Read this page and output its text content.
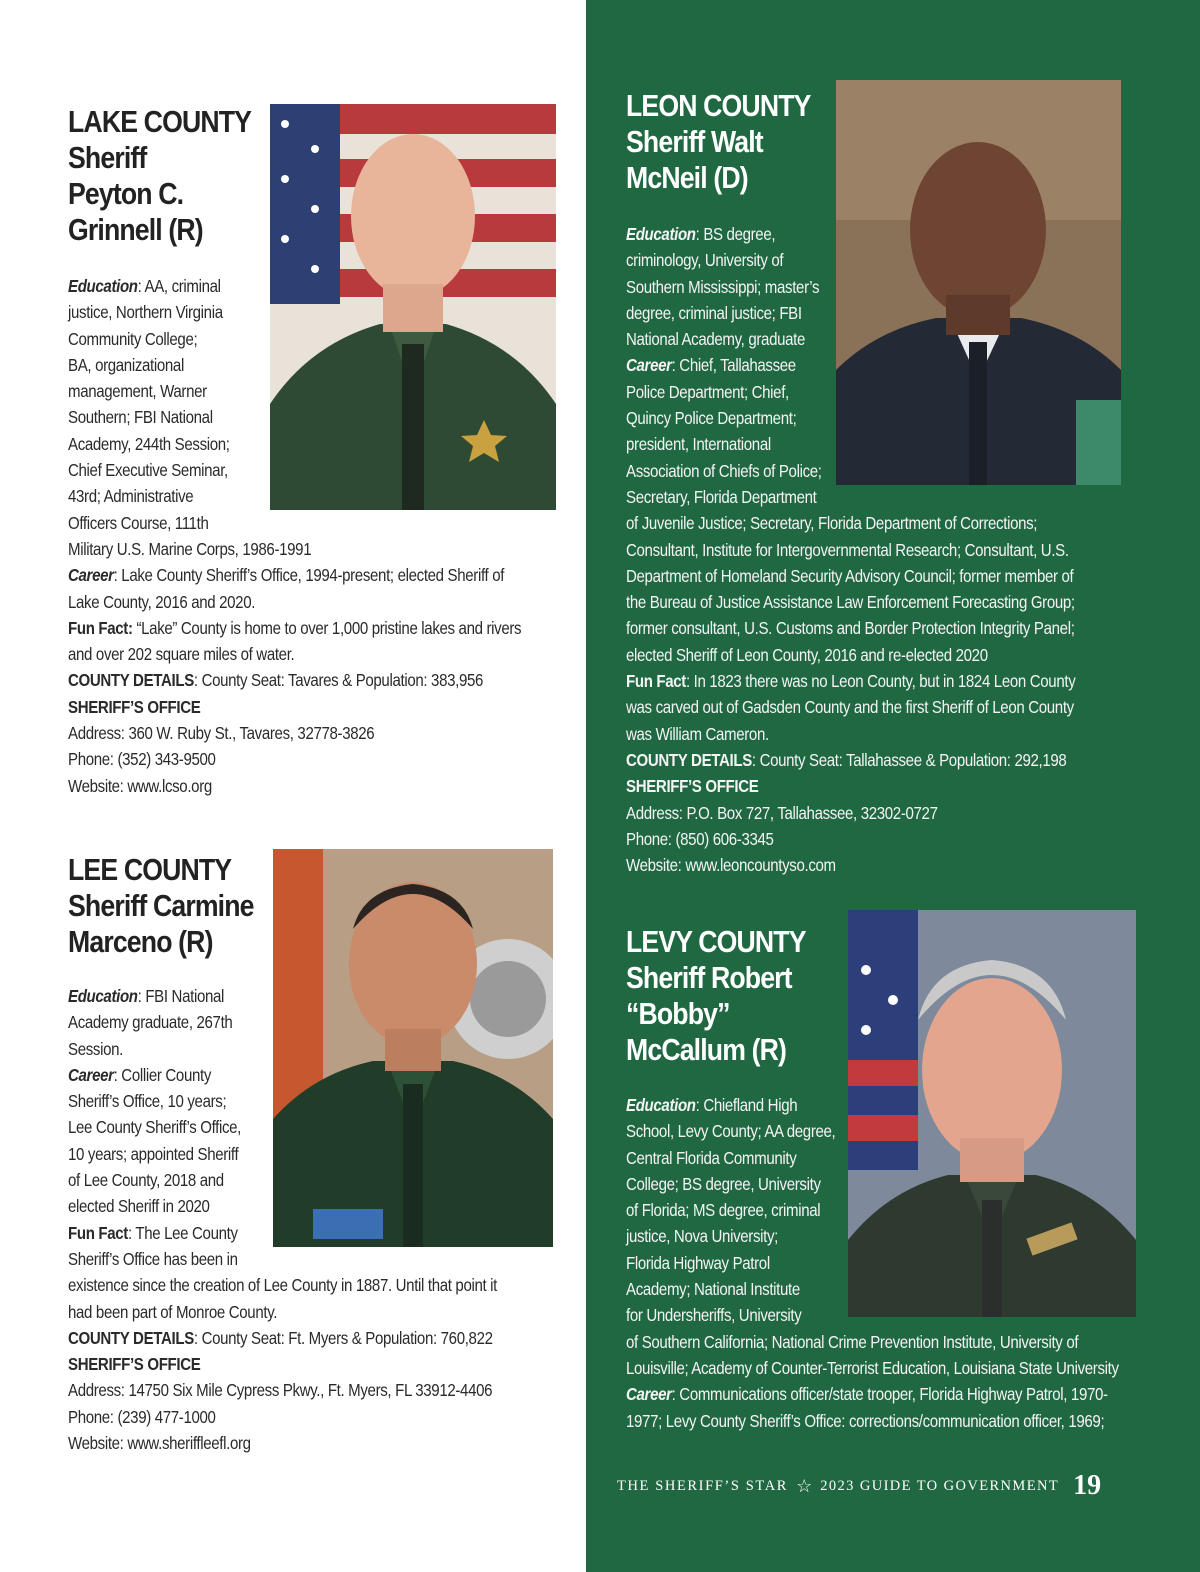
LAKE COUNTY
Sheriff
Peyton C.
Grinnell (R)

Education: AA, criminal

justice, Northern Virginia

Community College;

BA, organizational

management, Warner

Southern; FBI National

Academy, 244th Session;

Chief Executive Seminar,

43rd; Administrative

Officers Course, 111th

Military U.S. Marine Corps, 1986-1991

Career: Lake County Sheriff’s Office, 1994-present; elected Sheriff of

Lake County, 2016 and 2020.

Fun Fact: “Lake” County is home to over 1,000 pristine lakes and rivers

and over 202 square miles of water.

COUNTY DETAILS: County Seat: Tavares & Population: 383,956

SHERIFF’S OFFICE

Address: 360 W. Ruby St., Tavares, 32778-3826

Phone: (352) 343-9500

Website: www.lcso.org

LEE COUNTY
Sheriff Carmine
Marceno (R)

Education: FBI National

Academy graduate, 267th

Session.

Career: Collier County

Sheriff’s Office, 10 years;

Lee County Sheriff’s Office,

10 years; appointed Sheriff

of Lee County, 2018 and

elected Sheriff in 2020

Fun Fact: The Lee County

Sheriff’s Office has been in

existence since the creation of Lee County in 1887. Until that point it

had been part of Monroe County.

COUNTY DETAILS: County Seat: Ft. Myers & Population: 760,822

SHERIFF’S OFFICE

Address: 14750 Six Mile Cypress Pkwy., Ft. Myers, FL 33912-4406

Phone: (239) 477-1000

Website: www.sheriffleefl.org

LEON COUNTY
Sheriff Walt
McNeil (D)

Education: BS degree,

criminology, University of

Southern Mississippi; master’s

degree, criminal justice; FBI

National Academy, graduate

Career: Chief, Tallahassee

Police Department; Chief,

Quincy Police Department;

president, International

Association of Chiefs of Police;

Secretary, Florida Department

of Juvenile Justice; Secretary, Florida Department of Corrections;

Consultant, Institute for Intergovernmental Research; Consultant, U.S.

Department of Homeland Security Advisory Council; former member of

the Bureau of Justice Assistance Law Enforcement Forecasting Group;

former consultant, U.S. Customs and Border Protection Integrity Panel;

elected Sheriff of Leon County, 2016 and re-elected 2020

Fun Fact: In 1823 there was no Leon County, but in 1824 Leon County

was carved out of Gadsden County and the first Sheriff of Leon County

was William Cameron.

COUNTY DETAILS: County Seat: Tallahassee & Population: 292,198

SHERIFF’S OFFICE

Address: P.O. Box 727, Tallahassee, 32302-0727

Phone: (850) 606-3345

Website: www.leoncountyso.com

LEVY COUNTY
Sheriff Robert
“Bobby”
McCallum (R)

Education: Chiefland High

School, Levy County; AA degree,

Central Florida Community

College; BS degree, University

of Florida; MS degree, criminal

justice, Nova University;

Florida Highway Patrol

Academy; National Institute

for Undersheriffs, University

of Southern California; National Crime Prevention Institute, University of

Louisville; Academy of Counter-Terrorist Education, Louisiana State University

Career: Communications officer/state trooper, Florida Highway Patrol, 1970-

1977; Levy County Sheriff’s Office: corrections/communication officer, 1969;

THE SHERIFF’S STAR ☆ 2023 GUIDE TO GOVERNMENT 19
